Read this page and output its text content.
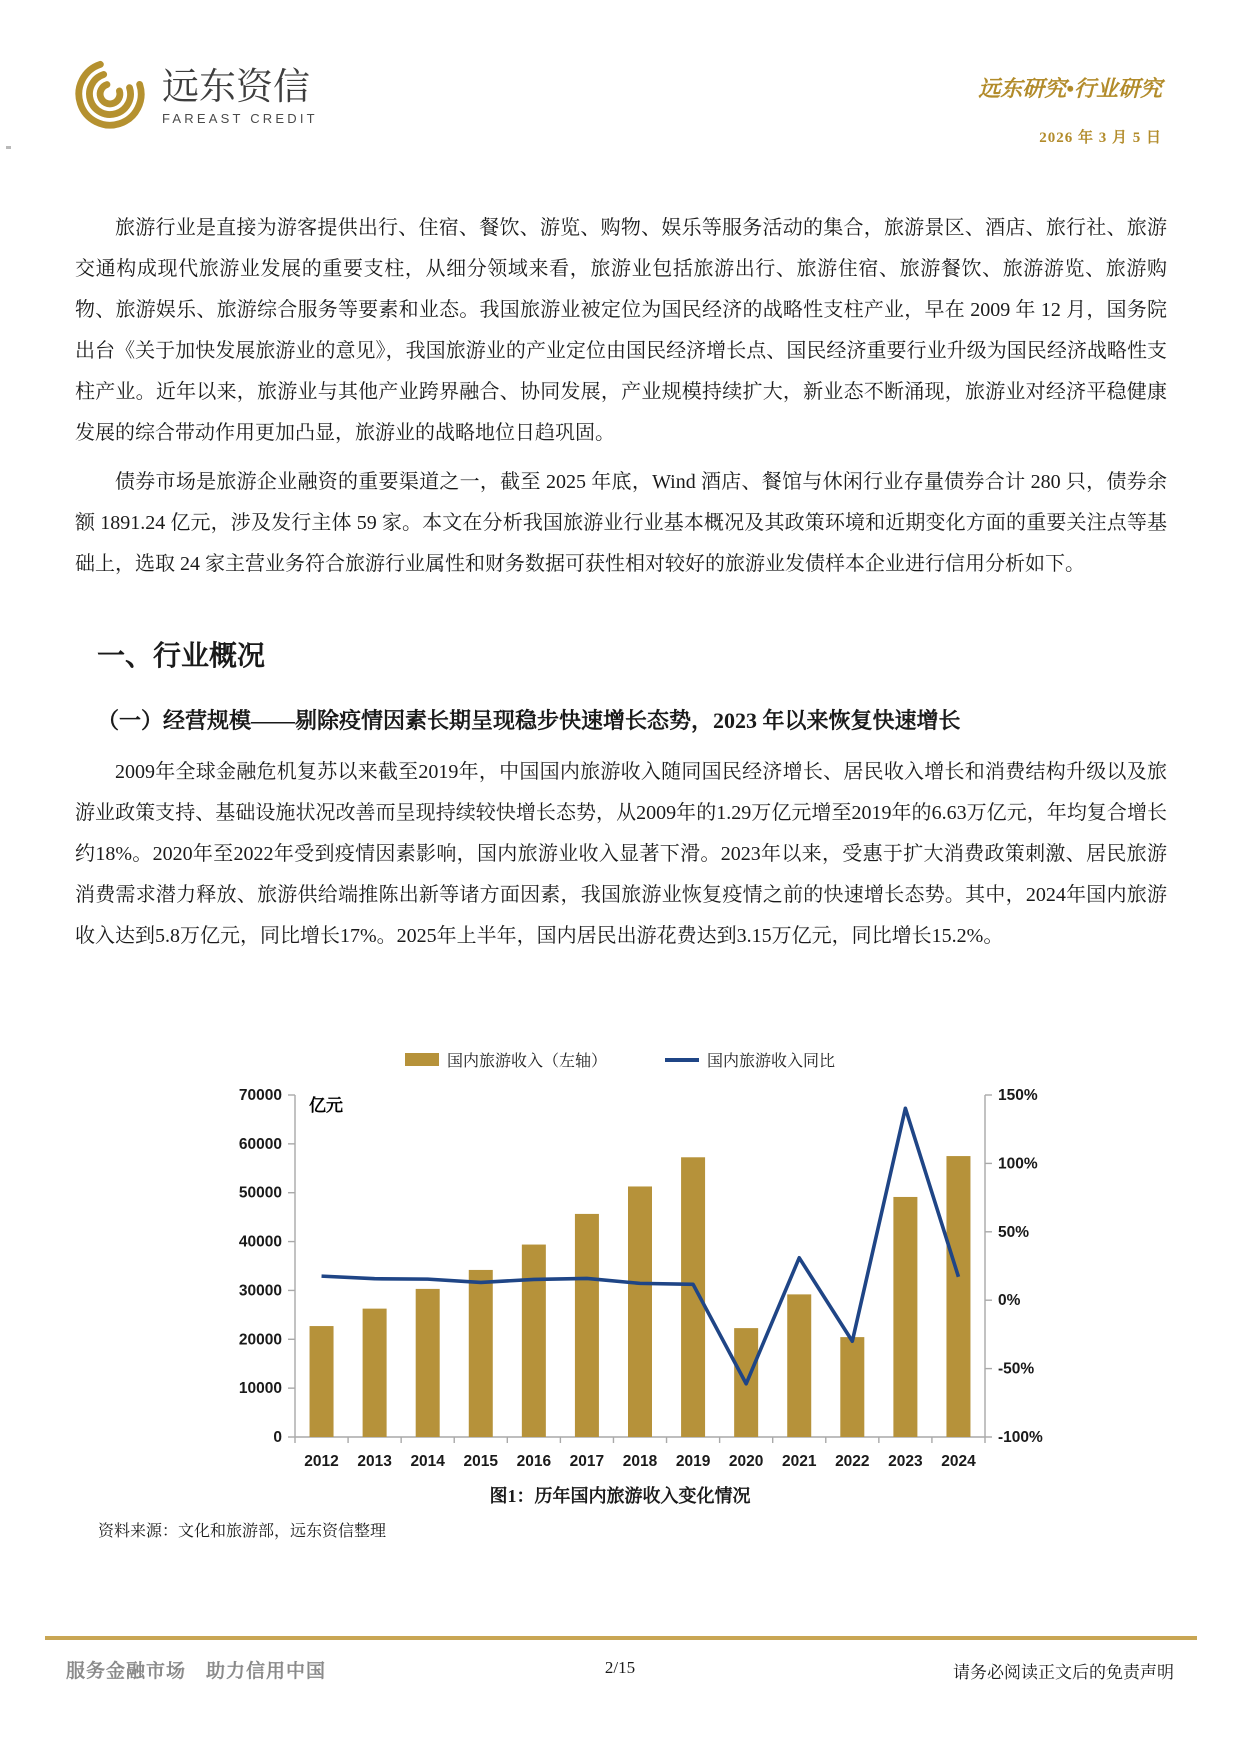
远东资信
FAREAST CREDIT
远东研究•行业研究
2026 年 3 月 5 日

旅游行业是直接为游客提供出行、住宿、餐饮、游览、购物、娱乐等服务活动的集合，旅游景区、酒店、旅行社、旅游交通构成现代旅游业发展的重要支柱，从细分领域来看，旅游业包括旅游出行、旅游住宿、旅游餐饮、旅游游览、旅游购物、旅游娱乐、旅游综合服务等要素和业态。我国旅游业被定位为国民经济的战略性支柱产业，早在 2009 年 12 月，国务院出台《关于加快发展旅游业的意见》，我国旅游业的产业定位由国民经济增长点、国民经济重要行业升级为国民经济战略性支柱产业。近年以来，旅游业与其他产业跨界融合、协同发展，产业规模持续扩大，新业态不断涌现，旅游业对经济平稳健康发展的综合带动作用更加凸显，旅游业的战略地位日趋巩固。

债券市场是旅游企业融资的重要渠道之一，截至 2025 年底，Wind 酒店、餐馆与休闲行业存量债券合计 280 只，债券余额 1891.24 亿元，涉及发行主体 59 家。本文在分析我国旅游业行业基本概况及其政策环境和近期变化方面的重要关注点等基础上，选取 24 家主营业务符合旅游行业属性和财务数据可获性相对较好的旅游业发债样本企业进行信用分析如下。

一、行业概况
（一）经营规模——剔除疫情因素长期呈现稳步快速增长态势，2023 年以来恢复快速增长

2009年全球金融危机复苏以来截至2019年，中国国内旅游收入随同国民经济增长、居民收入增长和消费结构升级以及旅游业政策支持、基础设施状况改善而呈现持续较快增长态势，从2009年的1.29万亿元增至2019年的6.63万亿元，年均复合增长约18%。2020年至2022年受到疫情因素影响，国内旅游业收入显著下滑。2023年以来，受惠于扩大消费政策刺激、居民旅游消费需求潜力释放、旅游供给端推陈出新等诸方面因素，我国旅游业恢复疫情之前的快速增长态势。其中，2024年国内旅游收入达到5.8万亿元，同比增长17%。2025年上半年，国内居民出游花费达到3.15万亿元，同比增长15.2%。

国内旅游收入（左轴）	国内旅游收入同比
0
10000
20000
30000
40000
50000
60000
70000
-100%
-50%
0%
50%
100%
150%
2012 2013 2014 2015 2016 2017 2018 2019 2020 2021 2022 2023 2024
亿元

图1：历年国内旅游收入变化情况

资料来源：文化和旅游部，远东资信整理

服务金融市场　助力信用中国	2/15	请务必阅读正文后的免责声明
